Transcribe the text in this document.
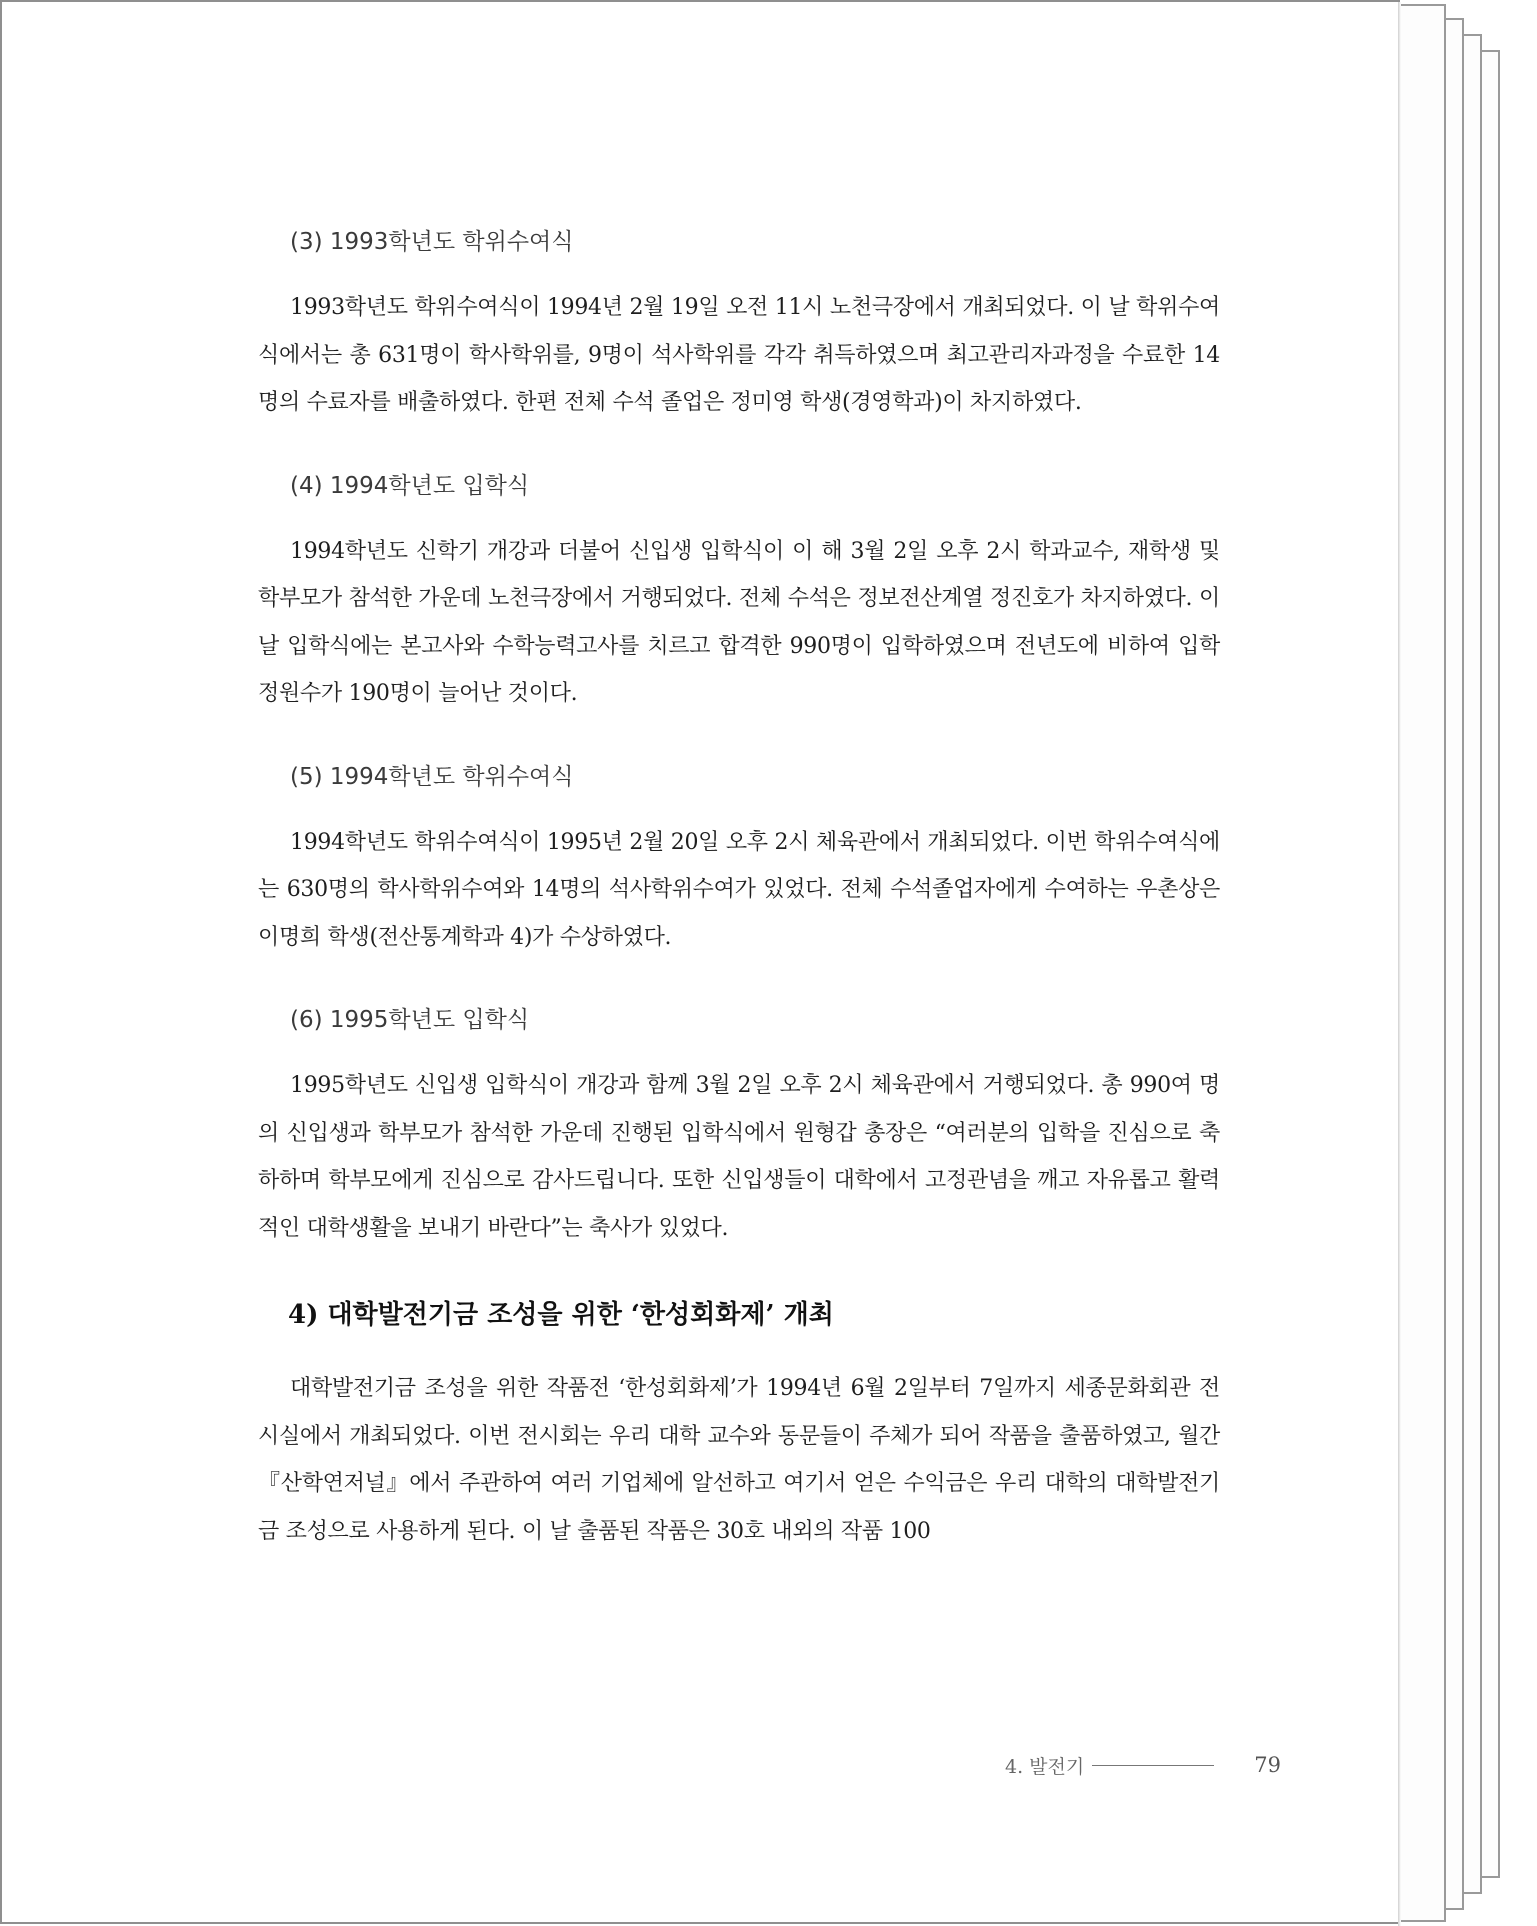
(3) 1993학년도 학위수여식

1993학년도 학위수여식이 1994년 2월 19일 오전 11시 노천극장에서 개최되었다. 이 날 학위수여식에서는 총 631명이 학사학위를, 9명이 석사학위를 각각 취득하였으며 최고관리자과정을 수료한 14명의 수료자를 배출하였다. 한편 전체 수석 졸업은 정미영 학생(경영학과)이 차지하였다.

(4) 1994학년도 입학식

1994학년도 신학기 개강과 더불어 신입생 입학식이 이 해 3월 2일 오후 2시 학과교수, 재학생 및 학부모가 참석한 가운데 노천극장에서 거행되었다. 전체 수석은 정보전산계열 정진호가 차지하였다. 이 날 입학식에는 본고사와 수학능력고사를 치르고 합격한 990명이 입학하였으며 전년도에 비하여 입학정원수가 190명이 늘어난 것이다.

(5) 1994학년도 학위수여식

1994학년도 학위수여식이 1995년 2월 20일 오후 2시 체육관에서 개최되었다. 이번 학위수여식에는 630명의 학사학위수여와 14명의 석사학위수여가 있었다. 전체 수석졸업자에게 수여하는 우촌상은 이명희 학생(전산통계학과 4)가 수상하였다.

(6) 1995학년도 입학식

1995학년도 신입생 입학식이 개강과 함께 3월 2일 오후 2시 체육관에서 거행되었다. 총 990여 명의 신입생과 학부모가 참석한 가운데 진행된 입학식에서 원형갑 총장은 “여러분의 입학을 진심으로 축하하며 학부모에게 진심으로 감사드립니다. 또한 신입생들이 대학에서 고정관념을 깨고 자유롭고 활력적인 대학생활을 보내기 바란다”는 축사가 있었다.

4) 대학발전기금 조성을 위한 ‘한성회화제’ 개최

대학발전기금 조성을 위한 작품전 ‘한성회화제’가 1994년 6월 2일부터 7일까지 세종문화회관 전시실에서 개최되었다. 이번 전시회는 우리 대학 교수와 동문들이 주체가 되어 작품을 출품하였고, 월간 『산학연저널』에서 주관하여 여러 기업체에 알선하고 여기서 얻은 수익금은 우리 대학의 대학발전기금 조성으로 사용하게 된다. 이 날 출품된 작품은 30호 내외의 작품 100

4. 발전기	79
